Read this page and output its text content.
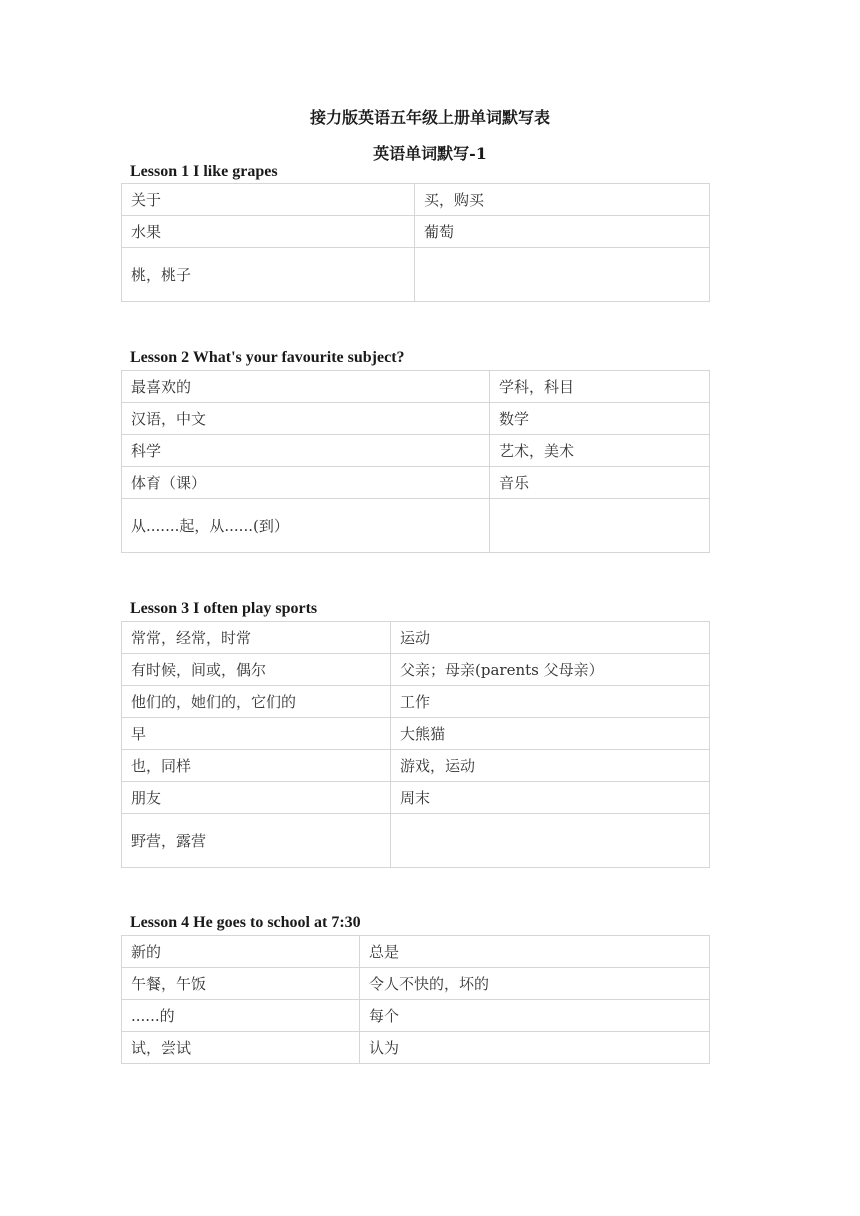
接力版英语五年级上册单词默写表
英语单词默写-1
Lesson 1 I like grapes
关于	买，购买
水果	葡萄
桃，桃子	
Lesson 2 What's your favourite subject?
最喜欢的	学科，科目
汉语，中文	数学
科学	艺术，美术
体育（课）	音乐
从.......起，从......(到）	
Lesson 3 I often play sports
常常，经常，时常	运动
有时候，间或，偶尔	父亲；母亲(parents 父母亲）
他们的，她们的，它们的	工作
早	大熊猫
也，同样	游戏，运动
朋友	周末
野营，露营	
Lesson 4 He goes to school at 7:30
新的	总是
午餐，午饭	令人不快的，坏的
......的	每个
试，尝试	认为
